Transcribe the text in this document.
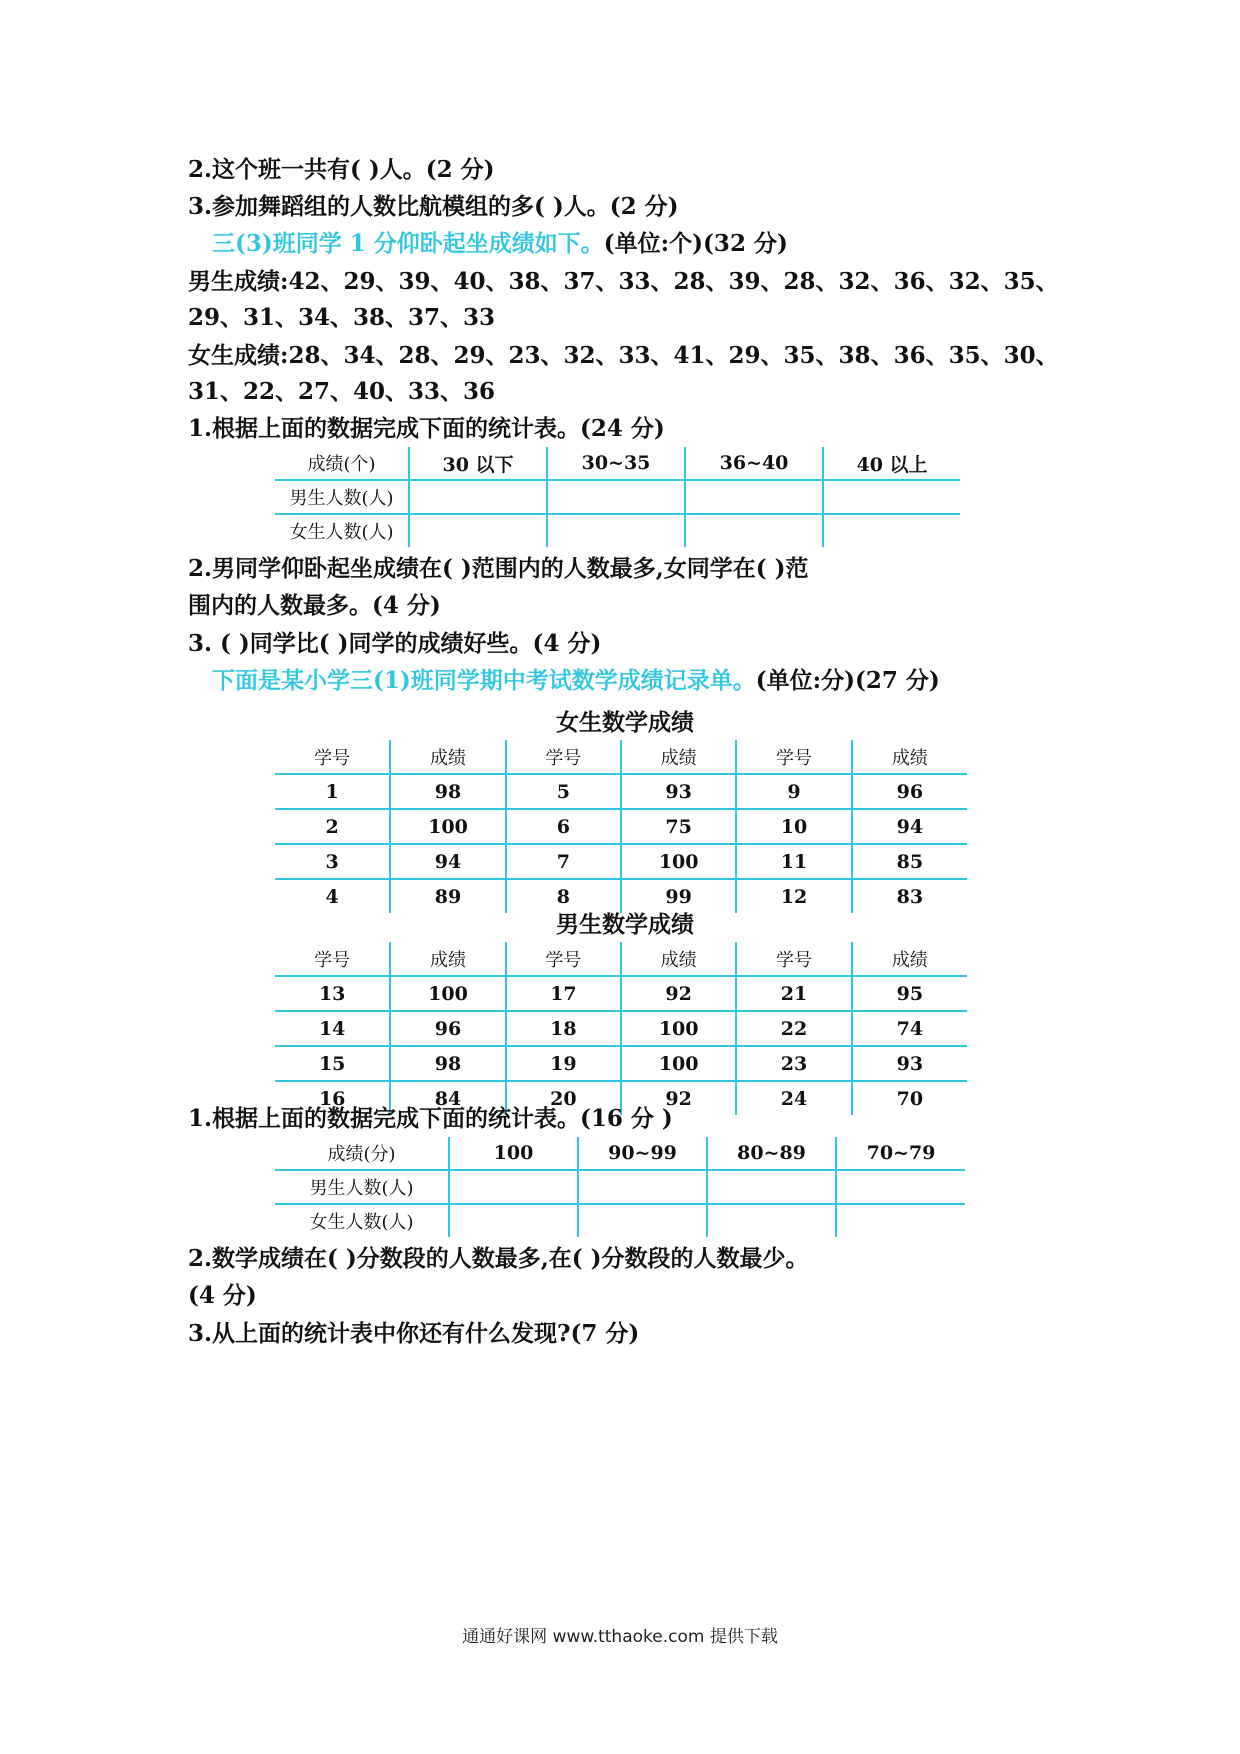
2.这个班一共有( )人。(2 分)
3.参加舞蹈组的人数比航模组的多( )人。(2 分)
三(3)班同学 1 分仰卧起坐成绩如下。(单位:个)(32 分)
男生成绩:42、29、39、40、38、37、33、28、39、28、32、36、32、35、
29、31、34、38、37、33
女生成绩:28、34、28、29、23、32、33、41、29、35、38、36、35、30、
31、22、27、40、33、36
1.根据上面的数据完成下面的统计表。(24 分)
成绩(个)	30 以下	30~35	36~40	40 以上
男生人数(人)				
女生人数(人)				
2.男同学仰卧起坐成绩在( )范围内的人数最多,女同学在( )范
围内的人数最多。(4 分)
3. ( )同学比( )同学的成绩好些。(4 分)
下面是某小学三(1)班同学期中考试数学成绩记录单。(单位:分)(27 分)
女生数学成绩
学号	成绩	学号	成绩	学号	成绩
1	98	5	93	9	96
2	100	6	75	10	94
3	94	7	100	11	85
4	89	8	99	12	83
男生数学成绩
学号	成绩	学号	成绩	学号	成绩
13	100	17	92	21	95
14	96	18	100	22	74
15	98	19	100	23	93
16	84	20	92	24	70
1.根据上面的数据完成下面的统计表。(16 分 )
成绩(分)	100	90~99	80~89	70~79
男生人数(人)				
女生人数(人)				
2.数学成绩在( )分数段的人数最多,在( )分数段的人数最少。
(4 分)
3.从上面的统计表中你还有什么发现?(7 分)
通通好课网 www.tthaoke.com 提供下载
